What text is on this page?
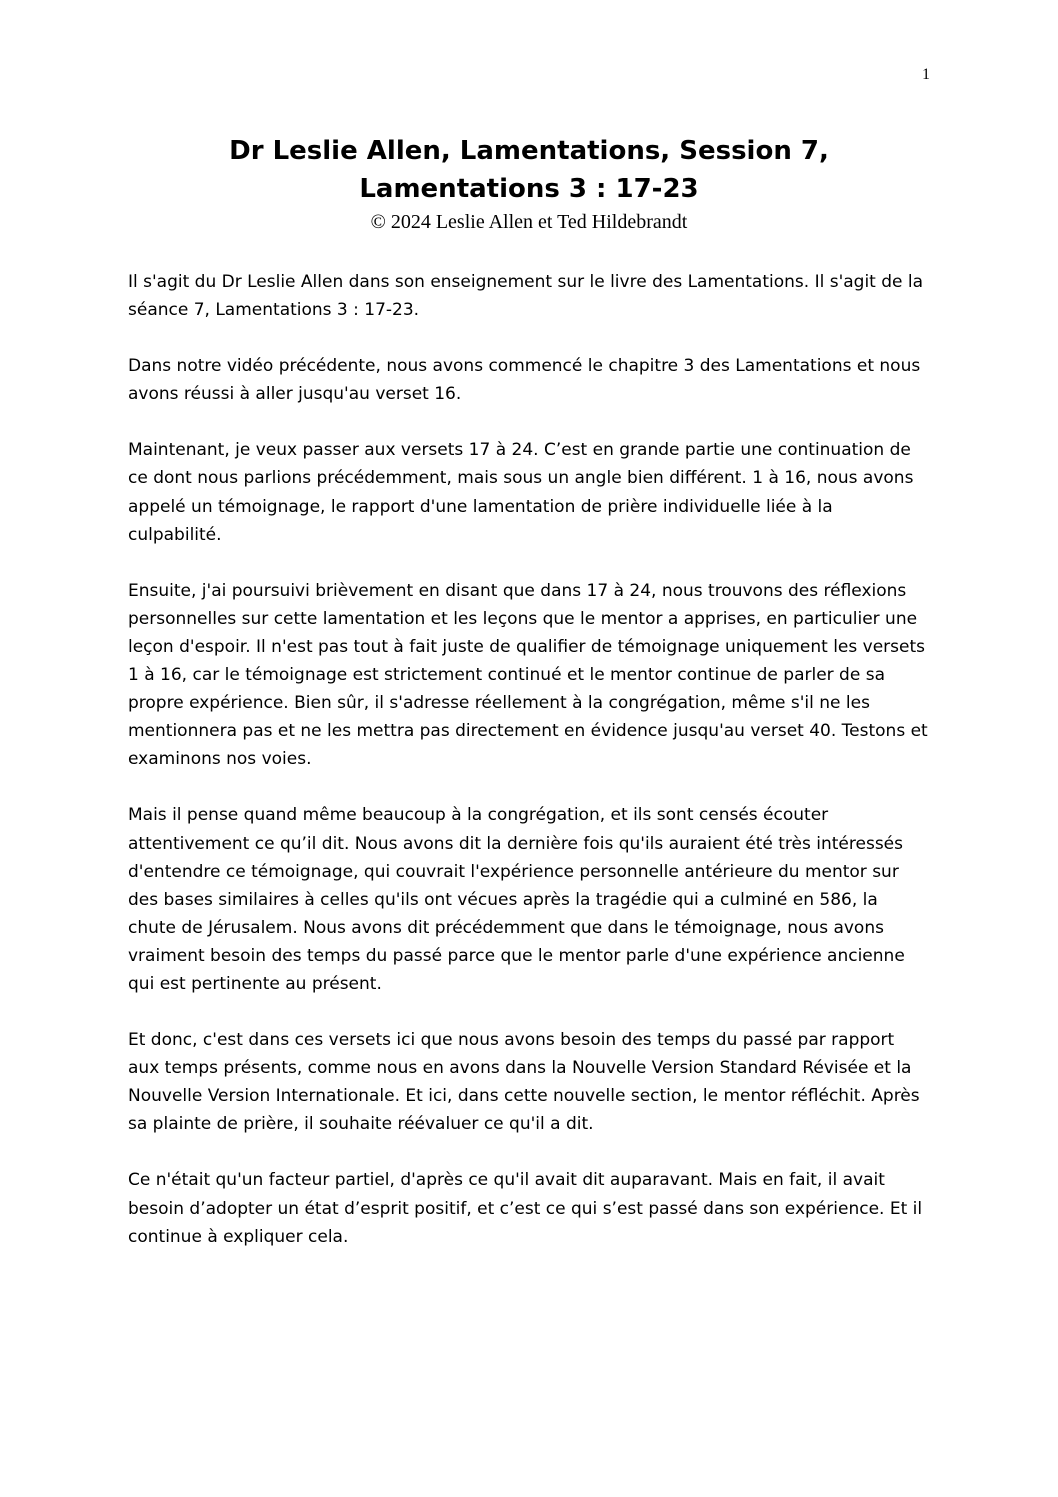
1
Dr Leslie Allen, Lamentations, Session 7,
Lamentations 3 : 17-23
© 2024 Leslie Allen et Ted Hildebrandt

Il s'agit du Dr Leslie Allen dans son enseignement sur le livre des Lamentations. Il s'agit de la séance 7, Lamentations 3 : 17-23.

Dans notre vidéo précédente, nous avons commencé le chapitre 3 des Lamentations et nous avons réussi à aller jusqu'au verset 16.

Maintenant, je veux passer aux versets 17 à 24. C’est en grande partie une continuation de ce dont nous parlions précédemment, mais sous un angle bien différent. 1 à 16, nous avons appelé un témoignage, le rapport d'une lamentation de prière individuelle liée à la culpabilité.

Ensuite, j'ai poursuivi brièvement en disant que dans 17 à 24, nous trouvons des réflexions personnelles sur cette lamentation et les leçons que le mentor a apprises, en particulier une leçon d'espoir. Il n'est pas tout à fait juste de qualifier de témoignage uniquement les versets 1 à 16, car le témoignage est strictement continué et le mentor continue de parler de sa propre expérience. Bien sûr, il s'adresse réellement à la congrégation, même s'il ne les mentionnera pas et ne les mettra pas directement en évidence jusqu'au verset 40. Testons et examinons nos voies.

Mais il pense quand même beaucoup à la congrégation, et ils sont censés écouter attentivement ce qu’il dit. Nous avons dit la dernière fois qu'ils auraient été très intéressés d'entendre ce témoignage, qui couvrait l'expérience personnelle antérieure du mentor sur des bases similaires à celles qu'ils ont vécues après la tragédie qui a culminé en 586, la chute de Jérusalem. Nous avons dit précédemment que dans le témoignage, nous avons vraiment besoin des temps du passé parce que le mentor parle d'une expérience ancienne qui est pertinente au présent.

Et donc, c'est dans ces versets ici que nous avons besoin des temps du passé par rapport aux temps présents, comme nous en avons dans la Nouvelle Version Standard Révisée et la Nouvelle Version Internationale. Et ici, dans cette nouvelle section, le mentor réfléchit. Après sa plainte de prière, il souhaite réévaluer ce qu'il a dit.

Ce n'était qu'un facteur partiel, d'après ce qu'il avait dit auparavant. Mais en fait, il avait besoin d’adopter un état d’esprit positif, et c’est ce qui s’est passé dans son expérience. Et il continue à expliquer cela.
